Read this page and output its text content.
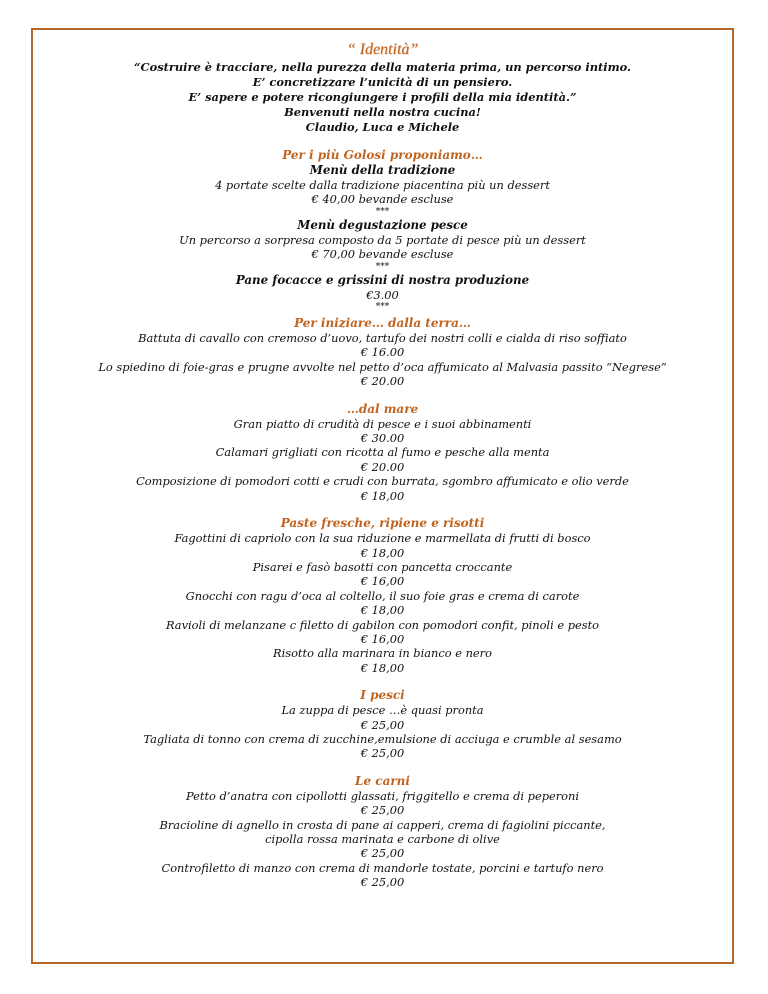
“ Identità”
“Costruire è tracciare, nella purezza della materia prima, un percorso intimo.
E’ concretizzare l’unicità di un pensiero.
E’ sapere e potere ricongiungere i profili della mia identità.”
Benvenuti nella nostra cucina!
Claudio, Luca e Michele
Per i più Golosi proponiamo…
Menù della tradizione
4 portate scelte dalla tradizione piacentina più un dessert
€ 40,00 bevande escluse
***
Menù degustazione pesce
Un percorso a sorpresa composto da 5 portate di pesce più un dessert
€ 70,00 bevande escluse
***
Pane focacce e grissini di nostra produzione
€3.00
***
Per iniziare… dalla terra…
Battuta di cavallo con cremoso d’uovo, tartufo dei nostri colli e cialda di riso soffiato
€ 16.00
Lo spiedino di foie-gras e prugne avvolte nel petto d’oca affumicato al Malvasia passito “Negrese”
€ 20.00
…dal mare
Gran piatto di crudità di pesce e i suoi abbinamenti
€ 30.00
Calamari grigliati con ricotta al fumo e pesche alla menta
€ 20.00
Composizione di pomodori cotti e crudi con burrata, sgombro affumicato e olio verde
€ 18,00
Paste fresche, ripiene e risotti
Fagottini di capriolo con la sua riduzione e marmellata di frutti di bosco
€ 18,00
Pisarei e fasò basotti con pancetta croccante
€ 16,00
Gnocchi con ragu d’oca al coltello, il suo foie gras e crema di carote
€ 18,00
Ravioli di melanzane c filetto di gabilon con pomodori confit, pinoli e pesto
€ 16,00
Risotto alla marinara in bianco e nero
€ 18,00
I pesci
La zuppa di pesce …è quasi pronta
€ 25,00
Tagliata di tonno con crema di zucchine,emulsione di acciuga e crumble al sesamo
€ 25,00
Le carni
Petto d’anatra con cipollotti glassati, friggitello e crema di peperoni
€ 25,00
Bracioline di agnello in crosta di pane ai capperi, crema di fagiolini piccante,
cipolla rossa marinata e carbone di olive
€ 25,00
Controfiletto di manzo con crema di mandorle tostate, porcini e tartufo nero
€ 25,00
